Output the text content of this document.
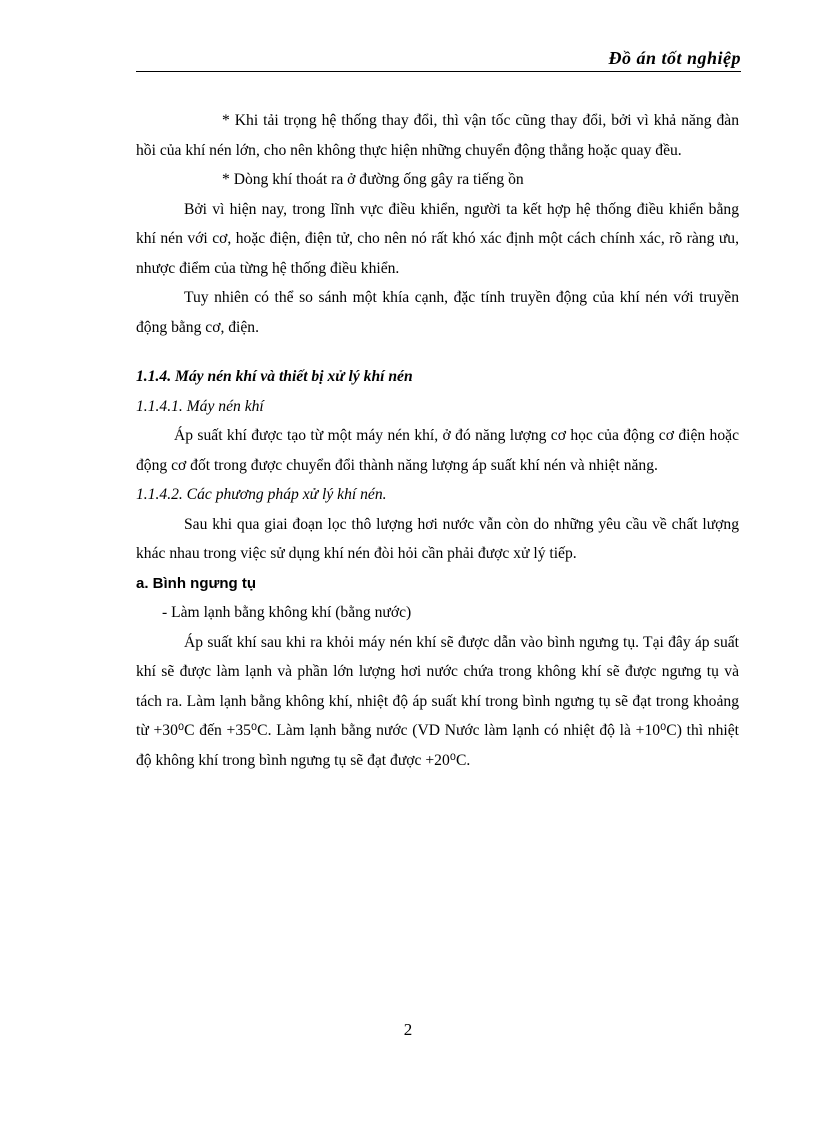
Đồ án tốt nghiệp

* Khi tải trọng hệ thống thay đổi, thì vận tốc cũng thay đổi, bởi vì khả năng đàn hồi của khí nén lớn, cho nên không thực hiện những chuyển động thẳng hoặc quay đều.

* Dòng khí thoát ra ở đường ống gây ra tiếng ồn

Bởi vì hiện nay, trong lĩnh vực điều khiển, người ta kết hợp hệ thống điều khiển bằng khí nén với cơ, hoặc điện, điện tử, cho nên nó rất khó xác định một cách chính xác, rõ ràng ưu, nhược điểm của từng hệ thống điều khiển.

Tuy nhiên có thể so sánh một khía cạnh, đặc tính truyền động của khí nén với truyền động bằng cơ, điện.

1.1.4. Máy nén khí và thiết bị xử lý khí nén

1.1.4.1. Máy nén khí

Áp suất khí được tạo từ một máy nén khí, ở đó năng lượng cơ học của động cơ điện hoặc động cơ đốt trong được chuyển đổi thành năng lượng áp suất khí nén và nhiệt năng.

1.1.4.2. Các phương pháp xử lý khí nén.

Sau khi qua giai đoạn lọc thô lượng hơi nước vẫn còn do những yêu cầu về chất lượng khác nhau trong việc sử dụng khí nén đòi hỏi cần phải được xử lý tiếp.

a. Bình ngưng tụ

- Làm lạnh bằng không khí (bằng nước)

Áp suất khí sau khi ra khỏi máy nén khí sẽ được dẫn vào bình ngưng tụ. Tại đây áp suất khí sẽ được làm lạnh và phần lớn lượng hơi nước chứa trong không khí sẽ được ngưng tụ và tách ra. Làm lạnh bằng không khí, nhiệt độ áp suất khí trong bình ngưng tụ sẽ đạt trong khoảng từ +30⁰C đến +35⁰C. Làm lạnh bằng nước (VD Nước làm lạnh có nhiệt độ là +10⁰C) thì nhiệt độ không khí trong bình ngưng tụ sẽ đạt được +20⁰C.

2
